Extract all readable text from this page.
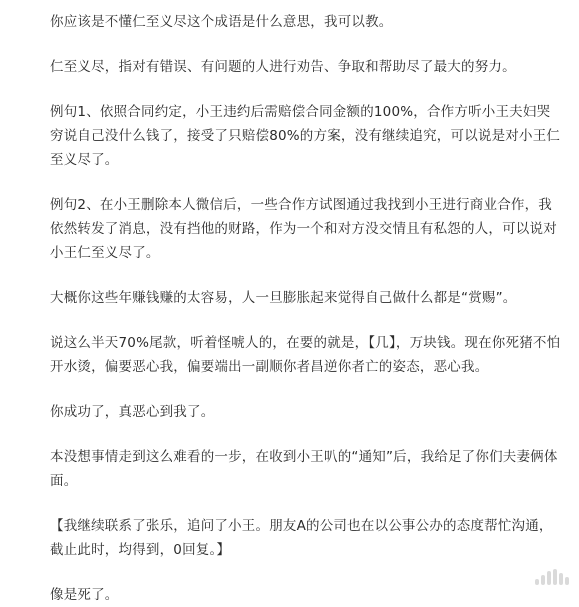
你应该是不懂仁至义尽这个成语是什么意思，我可以教。

仁至义尽，指对有错误、有问题的人进行劝告、争取和帮助尽了最大的努力。

例句1、依照合同约定，小王违约后需赔偿合同金额的100%，合作方听小王夫妇哭穷说自己没什么钱了，接受了只赔偿80%的方案，没有继续追究，可以说是对小王仁至义尽了。

例句2、在小王删除本人微信后，一些合作方试图通过我找到小王进行商业合作，我依然转发了消息，没有挡他的财路，作为一个和对方没交情且有私怨的人，可以说对小王仁至义尽了。

大概你这些年赚钱赚的太容易，人一旦膨胀起来觉得自己做什么都是“赏赐”。

说这么半天70%尾款，听着怪唬人的，在要的就是，【几】，万块钱。现在你死猪不怕开水烫，偏要恶心我，偏要端出一副顺你者昌逆你者亡的姿态，恶心我。

你成功了，真恶心到我了。

本没想事情走到这么难看的一步，在收到小王叭的“通知”后，我给足了你们夫妻俩体面。

【我继续联系了张乐，追问了小王。朋友A的公司也在以公事公办的态度帮忙沟通，截止此时，均得到，0回复。】

像是死了。
